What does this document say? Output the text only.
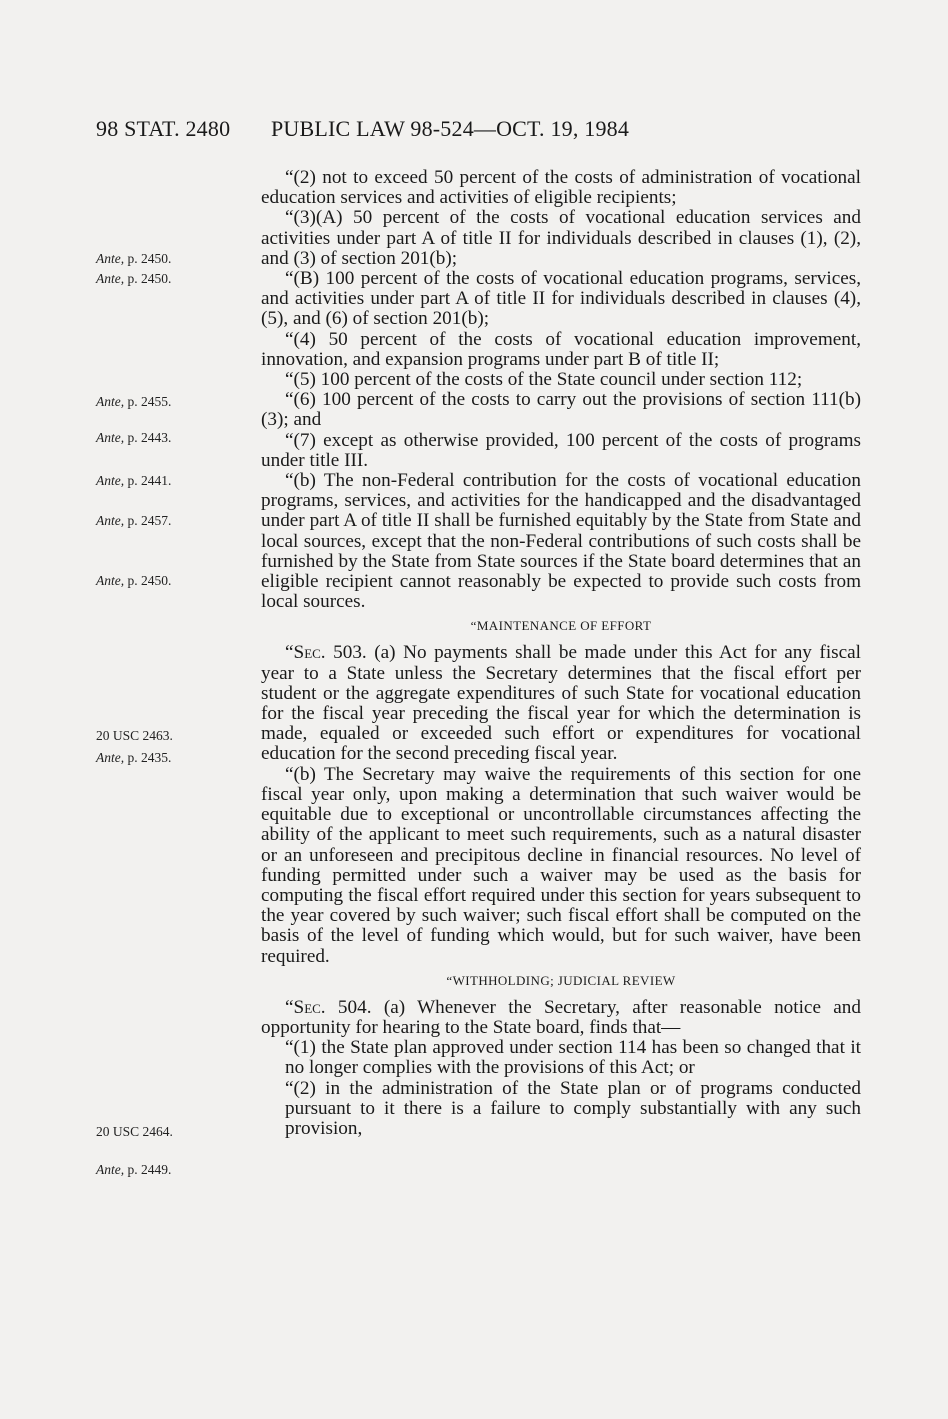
98 STAT. 2480 PUBLIC LAW 98-524—OCT. 19, 1984
Ante, p. 2450.
Ante, p. 2450.
Ante, p. 2455.
Ante, p. 2443.
Ante, p. 2441.
Ante, p. 2457.
Ante, p. 2450.
20 USC 2463.
Ante, p. 2435.
20 USC 2464.
Ante, p. 2449.

“(2) not to exceed 50 percent of the costs of administration of vocational education services and activities of eligible recipients;

“(3)(A) 50 percent of the costs of vocational education services and activities under part A of title II for individuals described in clauses (1), (2), and (3) of section 201(b);

“(B) 100 percent of the costs of vocational education programs, services, and activities under part A of title II for individuals described in clauses (4), (5), and (6) of section 201(b);

“(4) 50 percent of the costs of vocational education improvement, innovation, and expansion programs under part B of title II;

“(5) 100 percent of the costs of the State council under section 112;

“(6) 100 percent of the costs to carry out the provisions of section 111(b)(3); and

“(7) except as otherwise provided, 100 percent of the costs of programs under title III.

“(b) The non-Federal contribution for the costs of vocational education programs, services, and activities for the handicapped and the disadvantaged under part A of title II shall be furnished equitably by the State from State and local sources, except that the non-Federal contributions of such costs shall be furnished by the State from State sources if the State board determines that an eligible recipient cannot reasonably be expected to provide such costs from local sources.

“MAINTENANCE OF EFFORT

“Sec. 503. (a) No payments shall be made under this Act for any fiscal year to a State unless the Secretary determines that the fiscal effort per student or the aggregate expenditures of such State for vocational education for the fiscal year preceding the fiscal year for which the determination is made, equaled or exceeded such effort or expenditures for vocational education for the second preceding fiscal year.

“(b) The Secretary may waive the requirements of this section for one fiscal year only, upon making a determination that such waiver would be equitable due to exceptional or uncontrollable circumstances affecting the ability of the applicant to meet such requirements, such as a natural disaster or an unforeseen and precipitous decline in financial resources. No level of funding permitted under such a waiver may be used as the basis for computing the fiscal effort required under this section for years subsequent to the year covered by such waiver; such fiscal effort shall be computed on the basis of the level of funding which would, but for such waiver, have been required.

“WITHHOLDING; JUDICIAL REVIEW

“Sec. 504. (a) Whenever the Secretary, after reasonable notice and opportunity for hearing to the State board, finds that—

“(1) the State plan approved under section 114 has been so changed that it no longer complies with the provisions of this Act; or

“(2) in the administration of the State plan or of programs conducted pursuant to it there is a failure to comply substantially with any such provision,
